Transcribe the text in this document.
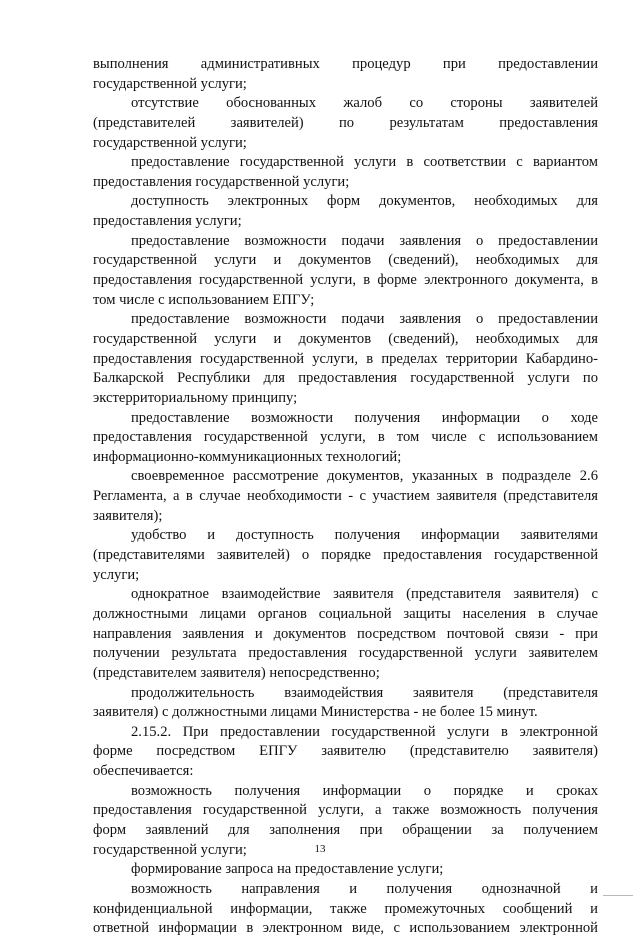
выполнения административных процедур при предоставлении
государственной услуги;
отсутствие обоснованных жалоб со стороны заявителей
(представителей заявителей) по результатам предоставления
государственной услуги;
предоставление государственной услуги в соответствии с вариантом
предоставления государственной услуги;
доступность электронных форм документов, необходимых для
предоставления услуги;
предоставление возможности подачи заявления о предоставлении
государственной услуги и документов (сведений), необходимых для
предоставления государственной услуги, в форме электронного документа, в
том числе с использованием ЕПГУ;
предоставление возможности подачи заявления о предоставлении
государственной услуги и документов (сведений), необходимых для
предоставления государственной услуги, в пределах территории Кабардино-
Балкарской Республики для предоставления государственной услуги по
экстерриториальному принципу;
предоставление возможности получения информации о ходе
предоставления государственной услуги, в том числе с использованием
информационно-коммуникационных технологий;
своевременное рассмотрение документов, указанных в подразделе 2.6
Регламента, а в случае необходимости - с участием заявителя (представителя
заявителя);
удобство и доступность получения информации заявителями
(представителями заявителей) о порядке предоставления государственной
услуги;
однократное взаимодействие заявителя (представителя заявителя) с
должностными лицами органов социальной защиты населения в случае
направления заявления и документов посредством почтовой связи - при
получении результата предоставления государственной услуги заявителем
(представителем заявителя) непосредственно;
продолжительность взаимодействия заявителя (представителя
заявителя) с должностными лицами Министерства - не более 15 минут.
2.15.2. При предоставлении государственной услуги в электронной
форме посредством ЕПГУ заявителю (представителю заявителя)
обеспечивается:
возможность получения информации о порядке и сроках
предоставления государственной услуги, а также возможность получения
форм заявлений для заполнения при обращении за получением
государственной услуги;
формирование запроса на предоставление услуги;
возможность направления и получения однозначной и
конфиденциальной информации, также промежуточных сообщений и
ответной информации в электронном виде, с использованием электронной
13
